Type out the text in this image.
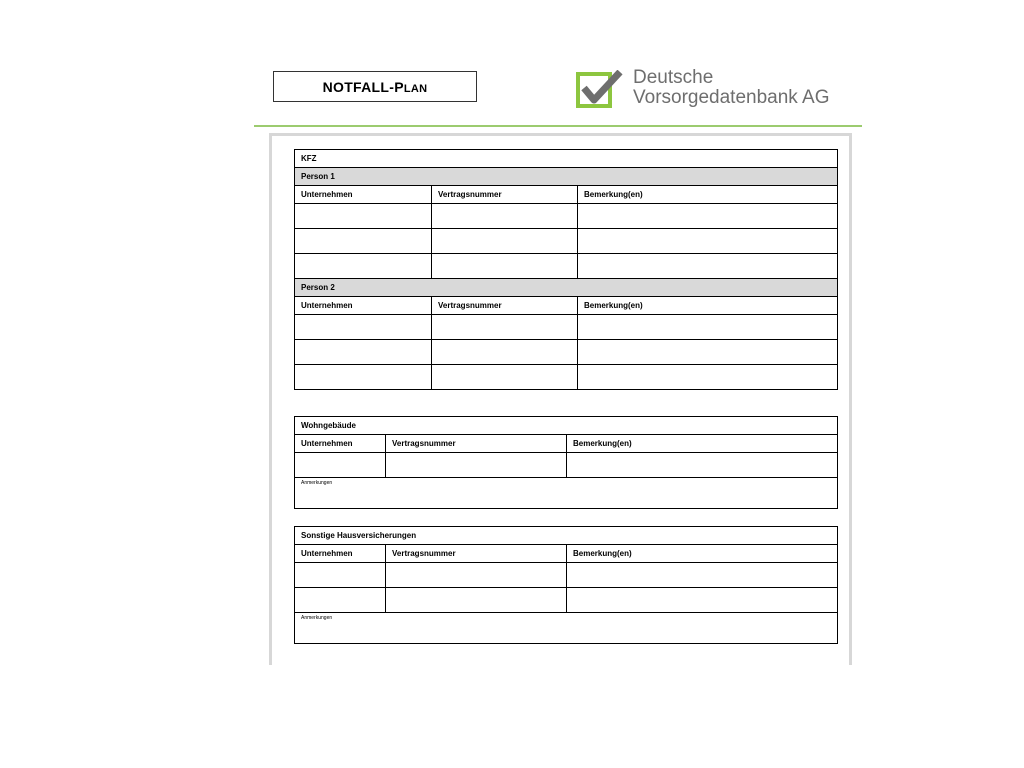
NOTFALL-PLAN
Deutsche
Vorsorgedatenbank AG
KFZ		
Person 1		
Unternehmen	Vertragsnummer	Bemerkung(en)

Person 2		
Unternehmen	Vertragsnummer	Bemerkung(en)

Wohngebäude		
Unternehmen	Vertragsnummer	Bemerkung(en)

Anmerkungen		
Sonstige Hausversicherungen		
Unternehmen	Vertragsnummer	Bemerkung(en)

Anmerkungen		
